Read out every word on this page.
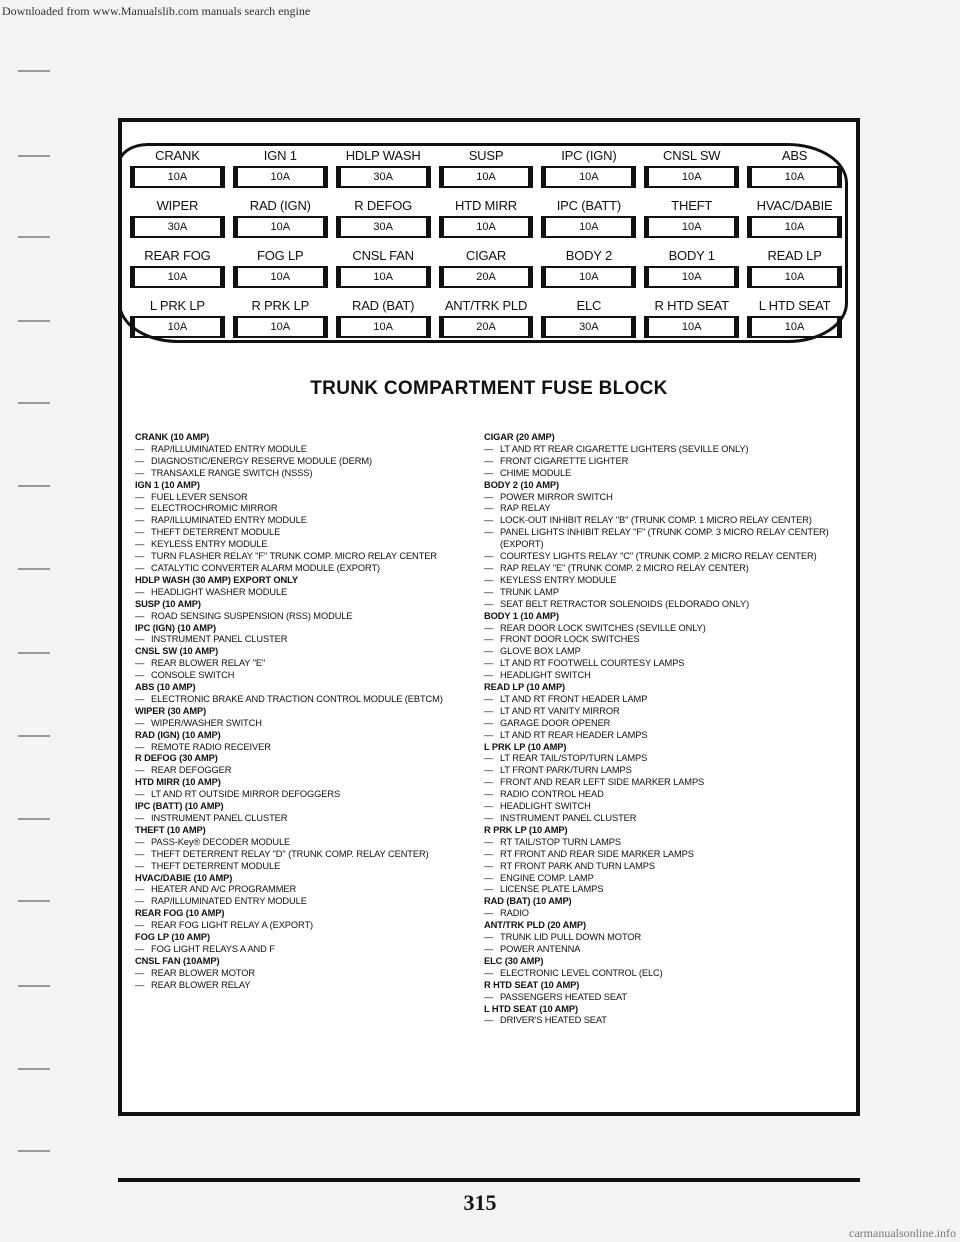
Downloaded from www.Manualslib.com manuals search engine
CRANK
10A
IGN 1
10A
HDLP WASH
30A
SUSP
10A
IPC (IGN)
10A
CNSL SW
10A
ABS
10A
WIPER
30A
RAD (IGN)
10A
R DEFOG
30A
HTD MIRR
10A
IPC (BATT)
10A
THEFT
10A
HVAC/DABIE
10A
REAR FOG
10A
FOG LP
10A
CNSL FAN
10A
CIGAR
20A
BODY 2
10A
BODY 1
10A
READ LP
10A
L PRK LP
10A
R PRK LP
10A
RAD (BAT)
10A
ANT/TRK PLD
20A
ELC
30A
R HTD SEAT
10A
L HTD SEAT
10A
TRUNK COMPARTMENT FUSE BLOCK
CRANK (10 AMP)
— RAP/ILLUMINATED ENTRY MODULE
— DIAGNOSTIC/ENERGY RESERVE MODULE (DERM)
— TRANSAXLE RANGE SWITCH (NSSS)
IGN 1 (10 AMP)
— FUEL LEVER SENSOR
— ELECTROCHROMIC MIRROR
— RAP/ILLUMINATED ENTRY MODULE
— THEFT DETERRENT MODULE
— KEYLESS ENTRY MODULE
— TURN FLASHER RELAY "F" TRUNK COMP. MICRO RELAY CENTER
— CATALYTIC CONVERTER ALARM MODULE (EXPORT)
HDLP WASH (30 AMP) EXPORT ONLY
— HEADLIGHT WASHER MODULE
SUSP (10 AMP)
— ROAD SENSING SUSPENSION (RSS) MODULE
IPC (IGN) (10 AMP)
— INSTRUMENT PANEL CLUSTER
CNSL SW (10 AMP)
— REAR BLOWER RELAY "E"
— CONSOLE SWITCH
ABS (10 AMP)
— ELECTRONIC BRAKE AND TRACTION CONTROL MODULE (EBTCM)
WIPER (30 AMP)
— WIPER/WASHER SWITCH
RAD (IGN) (10 AMP)
— REMOTE RADIO RECEIVER
R DEFOG (30 AMP)
— REAR DEFOGGER
HTD MIRR (10 AMP)
— LT AND RT OUTSIDE MIRROR DEFOGGERS
IPC (BATT) (10 AMP)
— INSTRUMENT PANEL CLUSTER
THEFT (10 AMP)
— PASS-Key® DECODER MODULE
— THEFT DETERRENT RELAY "D" (TRUNK COMP. RELAY CENTER)
— THEFT DETERRENT MODULE
HVAC/DABIE (10 AMP)
— HEATER AND A/C PROGRAMMER
— RAP/ILLUMINATED ENTRY MODULE
REAR FOG (10 AMP)
— REAR FOG LIGHT RELAY A (EXPORT)
FOG LP (10 AMP)
— FOG LIGHT RELAYS A AND F
CNSL FAN (10AMP)
— REAR BLOWER MOTOR
— REAR BLOWER RELAY
CIGAR (20 AMP)
— LT AND RT REAR CIGARETTE LIGHTERS (SEVILLE ONLY)
— FRONT CIGARETTE LIGHTER
— CHIME MODULE
BODY 2 (10 AMP)
— POWER MIRROR SWITCH
— RAP RELAY
— LOCK-OUT INHIBIT RELAY "B" (TRUNK COMP. 1 MICRO RELAY CENTER)
— PANEL LIGHTS INHIBIT RELAY "F" (TRUNK COMP. 3 MICRO RELAY CENTER) (EXPORT)
— COURTESY LIGHTS RELAY "C" (TRUNK COMP. 2 MICRO RELAY CENTER)
— RAP RELAY "E" (TRUNK COMP. 2 MICRO RELAY CENTER)
— KEYLESS ENTRY MODULE
— TRUNK LAMP
— SEAT BELT RETRACTOR SOLENOIDS (ELDORADO ONLY)
BODY 1 (10 AMP)
— REAR DOOR LOCK SWITCHES (SEVILLE ONLY)
— FRONT DOOR LOCK SWITCHES
— GLOVE BOX LAMP
— LT AND RT FOOTWELL COURTESY LAMPS
— HEADLIGHT SWITCH
READ LP (10 AMP)
— LT AND RT FRONT HEADER LAMP
— LT AND RT VANITY MIRROR
— GARAGE DOOR OPENER
— LT AND RT REAR HEADER LAMPS
L PRK LP (10 AMP)
— LT REAR TAIL/STOP/TURN LAMPS
— LT FRONT PARK/TURN LAMPS
— FRONT AND REAR LEFT SIDE MARKER LAMPS
— RADIO CONTROL HEAD
— HEADLIGHT SWITCH
— INSTRUMENT PANEL CLUSTER
R PRK LP (10 AMP)
— RT TAIL/STOP TURN LAMPS
— RT FRONT AND REAR SIDE MARKER LAMPS
— RT FRONT PARK AND TURN LAMPS
— ENGINE COMP. LAMP
— LICENSE PLATE LAMPS
RAD (BAT) (10 AMP)
— RADIO
ANT/TRK PLD (20 AMP)
— TRUNK LID PULL DOWN MOTOR
— POWER ANTENNA
ELC (30 AMP)
— ELECTRONIC LEVEL CONTROL (ELC)
R HTD SEAT (10 AMP)
— PASSENGERS HEATED SEAT
L HTD SEAT (10 AMP)
— DRIVER'S HEATED SEAT
315
carmanualsonline.info
